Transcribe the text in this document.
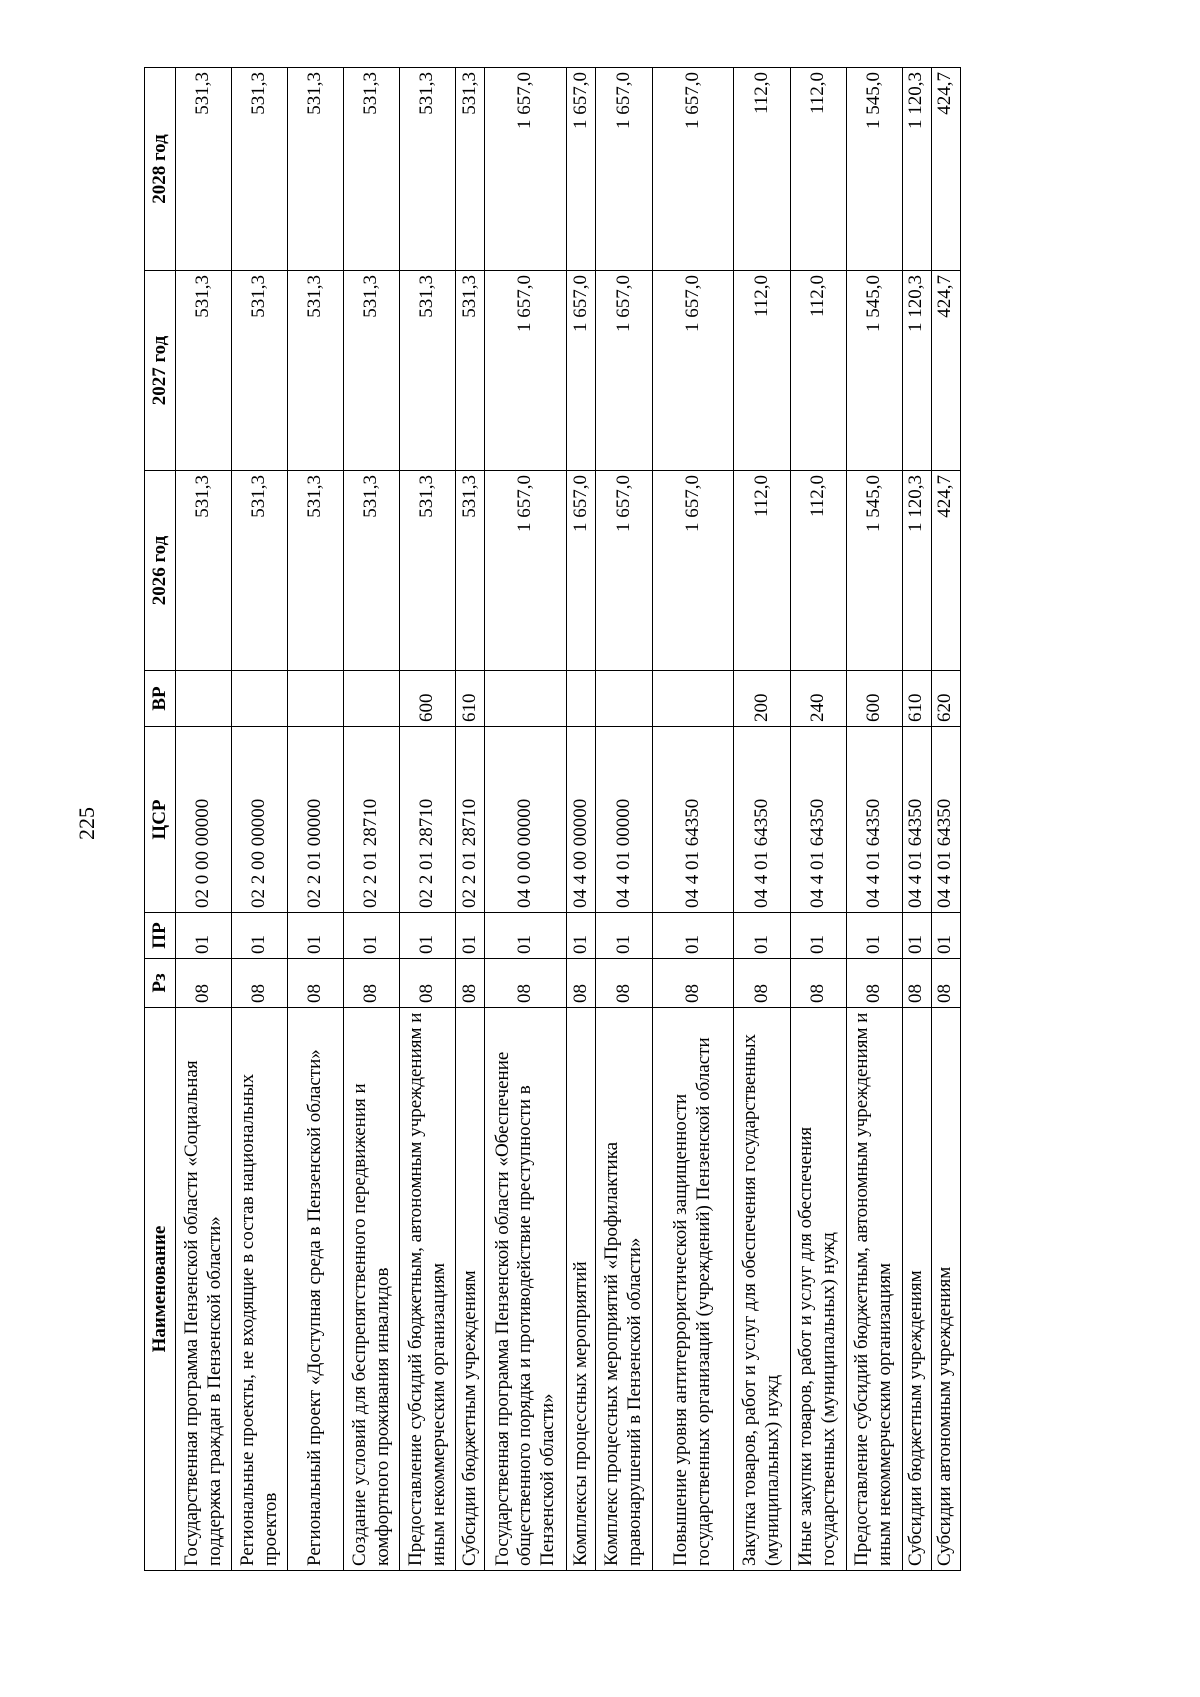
225
Наименование	Рз	ПР	ЦСР	ВР	2026 год	2027 год	2028 год
Государственная программа Пензенской области «Социальная поддержка граждан в Пензенской области»	08	01	02 0 00 00000		531,3	531,3	531,3
Региональные проекты, не входящие в состав национальных проектов	08	01	02 2 00 00000		531,3	531,3	531,3
Региональный проект «Доступная среда в Пензенской области»	08	01	02 2 01 00000		531,3	531,3	531,3
Создание условий для беспрепятственного передвижения и комфортного проживания инвалидов	08	01	02 2 01 28710		531,3	531,3	531,3
Предоставление субсидий бюджетным, автономным учреждениям и иным некоммерческим организациям	08	01	02 2 01 28710	600	531,3	531,3	531,3
Субсидии бюджетным учреждениям	08	01	02 2 01 28710	610	531,3	531,3	531,3
Государственная программа Пензенской области «Обеспечение общественного порядка и противодействие преступности в Пензенской области»	08	01	04 0 00 00000		1 657,0	1 657,0	1 657,0
Комплексы процессных мероприятий	08	01	04 4 00 00000		1 657,0	1 657,0	1 657,0
Комплекс процессных мероприятий «Профилактика правонарушений в Пензенской области»	08	01	04 4 01 00000		1 657,0	1 657,0	1 657,0
Повышение уровня антитеррористической защищенности государственных организаций (учреждений) Пензенской области	08	01	04 4 01 64350		1 657,0	1 657,0	1 657,0
Закупка товаров, работ и услуг для обеспечения государственных (муниципальных) нужд	08	01	04 4 01 64350	200	112,0	112,0	112,0
Иные закупки товаров, работ и услуг для обеспечения государственных (муниципальных) нужд	08	01	04 4 01 64350	240	112,0	112,0	112,0
Предоставление субсидий бюджетным, автономным учреждениям и иным некоммерческим организациям	08	01	04 4 01 64350	600	1 545,0	1 545,0	1 545,0
Субсидии бюджетным учреждениям	08	01	04 4 01 64350	610	1 120,3	1 120,3	1 120,3
Субсидии автономным учреждениям	08	01	04 4 01 64350	620	424,7	424,7	424,7
